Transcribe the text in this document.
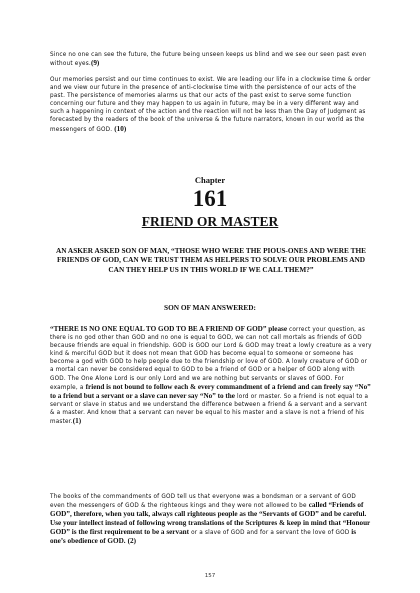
Since no one can see the future, the future being unseen keeps us blind and we see our seen past even without eyes.(9)

Our memories persist and our time continues to exist. We are leading our life in a clockwise time & order and we view our future in the presence of anti-clockwise time with the persistence of our acts of the past. The persistence of memories alarms us that our acts of the past exist to serve some function concerning our future and they may happen to us again in future, may be in a very different way and such a happening in context of the action and the reaction will not be less than the Day of Judgment as forecasted by the readers of the book of the universe & the future narrators, known in our world as the messengers of GOD. (10)

Chapter
161
FRIEND OR MASTER

AN ASKER ASKED SON OF MAN, “THOSE WHO WERE THE PIOUS-ONES AND WERE THE FRIENDS OF GOD, CAN WE TRUST THEM AS HELPERS TO SOLVE OUR PROBLEMS AND CAN THEY HELP US IN THIS WORLD IF WE CALL THEM?”

SON OF MAN ANSWERED:

“THERE IS NO ONE EQUAL TO GOD TO BE A FRIEND OF GOD” please correct your question, as there is no god other than GOD and no one is equal to GOD, we can not call mortals as friends of GOD because friends are equal in friendship. GOD is GOD our Lord & GOD may treat a lowly creature as a very kind & merciful GOD but it does not mean that GOD has become equal to someone or someone has become a god with GOD to help people due to the friendship or love of GOD. A lowly creature of GOD or a mortal can never be considered equal to GOD to be a friend of GOD or a helper of GOD along with GOD. The One Alone Lord is our only Lord and we are nothing but servants or slaves of GOD. For example, a friend is not bound to follow each & every commandment of a friend and can freely say “No” to a friend but a servant or a slave can never say “No” to the lord or master. So a friend is not equal to a servant or slave in status and we understand the difference between a friend & a servant and a servant & a master. And know that a servant can never be equal to his master and a slave is not a friend of his master.(1)

The books of the commandments of GOD tell us that everyone was a bondsman or a servant of GOD even the messengers of GOD & the righteous kings and they were not allowed to be called “Friends of GOD”, therefore, when you talk, always call righteous people as the “Servants of GOD” and be careful. Use your intellect instead of following wrong translations of the Scriptures & keep in mind that “Honour GOD” is the first requirement to be a servant or a slave of GOD and for a servant the love of GOD is one’s obedience of GOD. (2)

157
